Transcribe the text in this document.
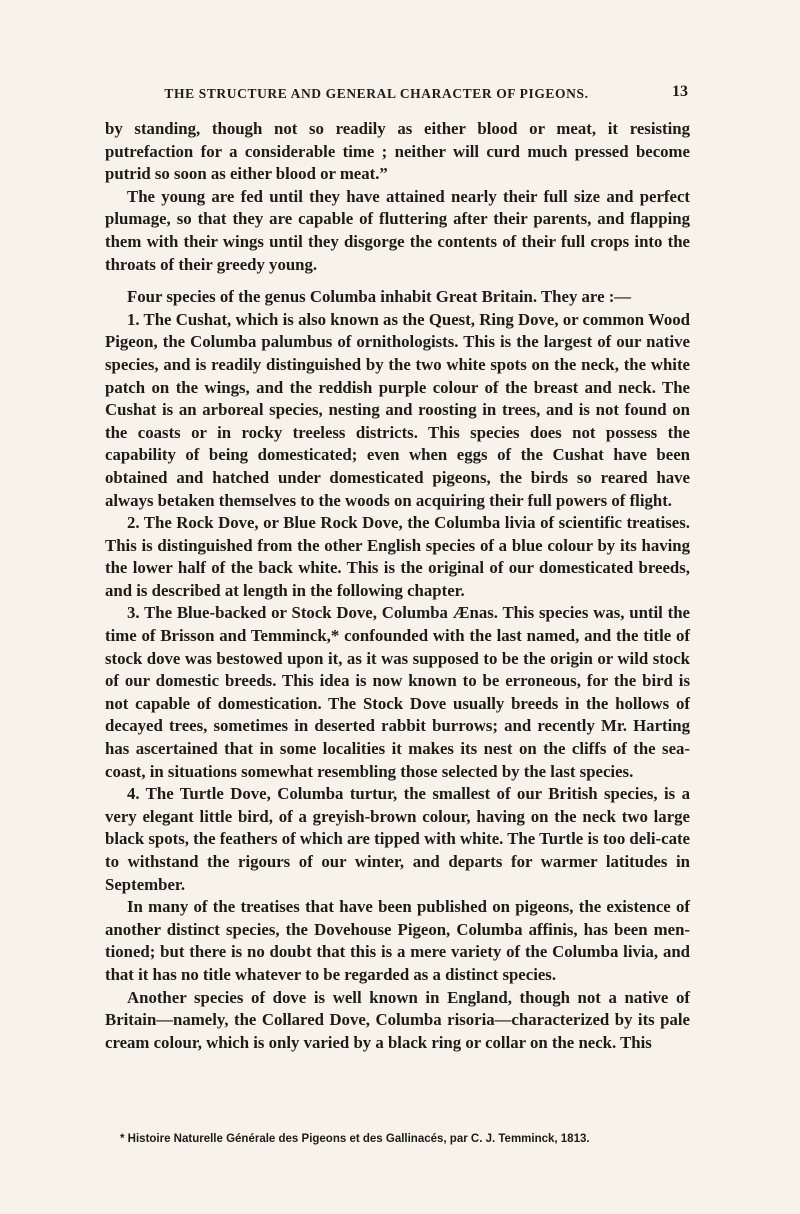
THE STRUCTURE AND GENERAL CHARACTER OF PIGEONS.	13

by standing, though not so readily as either blood or meat, it resisting putrefaction for a considerable time ; neither will curd much pressed become putrid so soon as either blood or meat.”

The young are fed until they have attained nearly their full size and perfect plumage, so that they are capable of fluttering after their parents, and flapping them with their wings until they disgorge the contents of their full crops into the throats of their greedy young.

Four species of the genus Columba inhabit Great Britain. They are :—

1. The Cushat, which is also known as the Quest, Ring Dove, or common Wood Pigeon, the Columba palumbus of ornithologists. This is the largest of our native species, and is readily distinguished by the two white spots on the neck, the white patch on the wings, and the reddish purple colour of the breast and neck. The Cushat is an arboreal species, nesting and roosting in trees, and is not found on the coasts or in rocky treeless districts. This species does not possess the capability of being domesticated; even when eggs of the Cushat have been obtained and hatched under domesticated pigeons, the birds so reared have always betaken themselves to the woods on acquiring their full powers of flight.

2. The Rock Dove, or Blue Rock Dove, the Columba livia of scientific treatises. This is distinguished from the other English species of a blue colour by its having the lower half of the back white. This is the original of our domesticated breeds, and is described at length in the following chapter.

3. The Blue-backed or Stock Dove, Columba Ænas. This species was, until the time of Brisson and Temminck,* confounded with the last named, and the title of stock dove was bestowed upon it, as it was supposed to be the origin or wild stock of our domestic breeds. This idea is now known to be erroneous, for the bird is not capable of domestication. The Stock Dove usually breeds in the hollows of decayed trees, sometimes in deserted rabbit burrows; and recently Mr. Harting has ascertained that in some localities it makes its nest on the cliffs of the sea-coast, in situations somewhat resembling those selected by the last species.

4. The Turtle Dove, Columba turtur, the smallest of our British species, is a very elegant little bird, of a greyish-brown colour, having on the neck two large black spots, the feathers of which are tipped with white. The Turtle is too deli-cate to withstand the rigours of our winter, and departs for warmer latitudes in September.

In many of the treatises that have been published on pigeons, the existence of another distinct species, the Dovehouse Pigeon, Columba affinis, has been men-tioned; but there is no doubt that this is a mere variety of the Columba livia, and that it has no title whatever to be regarded as a distinct species.

Another species of dove is well known in England, though not a native of Britain—namely, the Collared Dove, Columba risoria—characterized by its pale cream colour, which is only varied by a black ring or collar on the neck. This

* Histoire Naturelle Générale des Pigeons et des Gallinacés, par C. J. Temminck, 1813.
